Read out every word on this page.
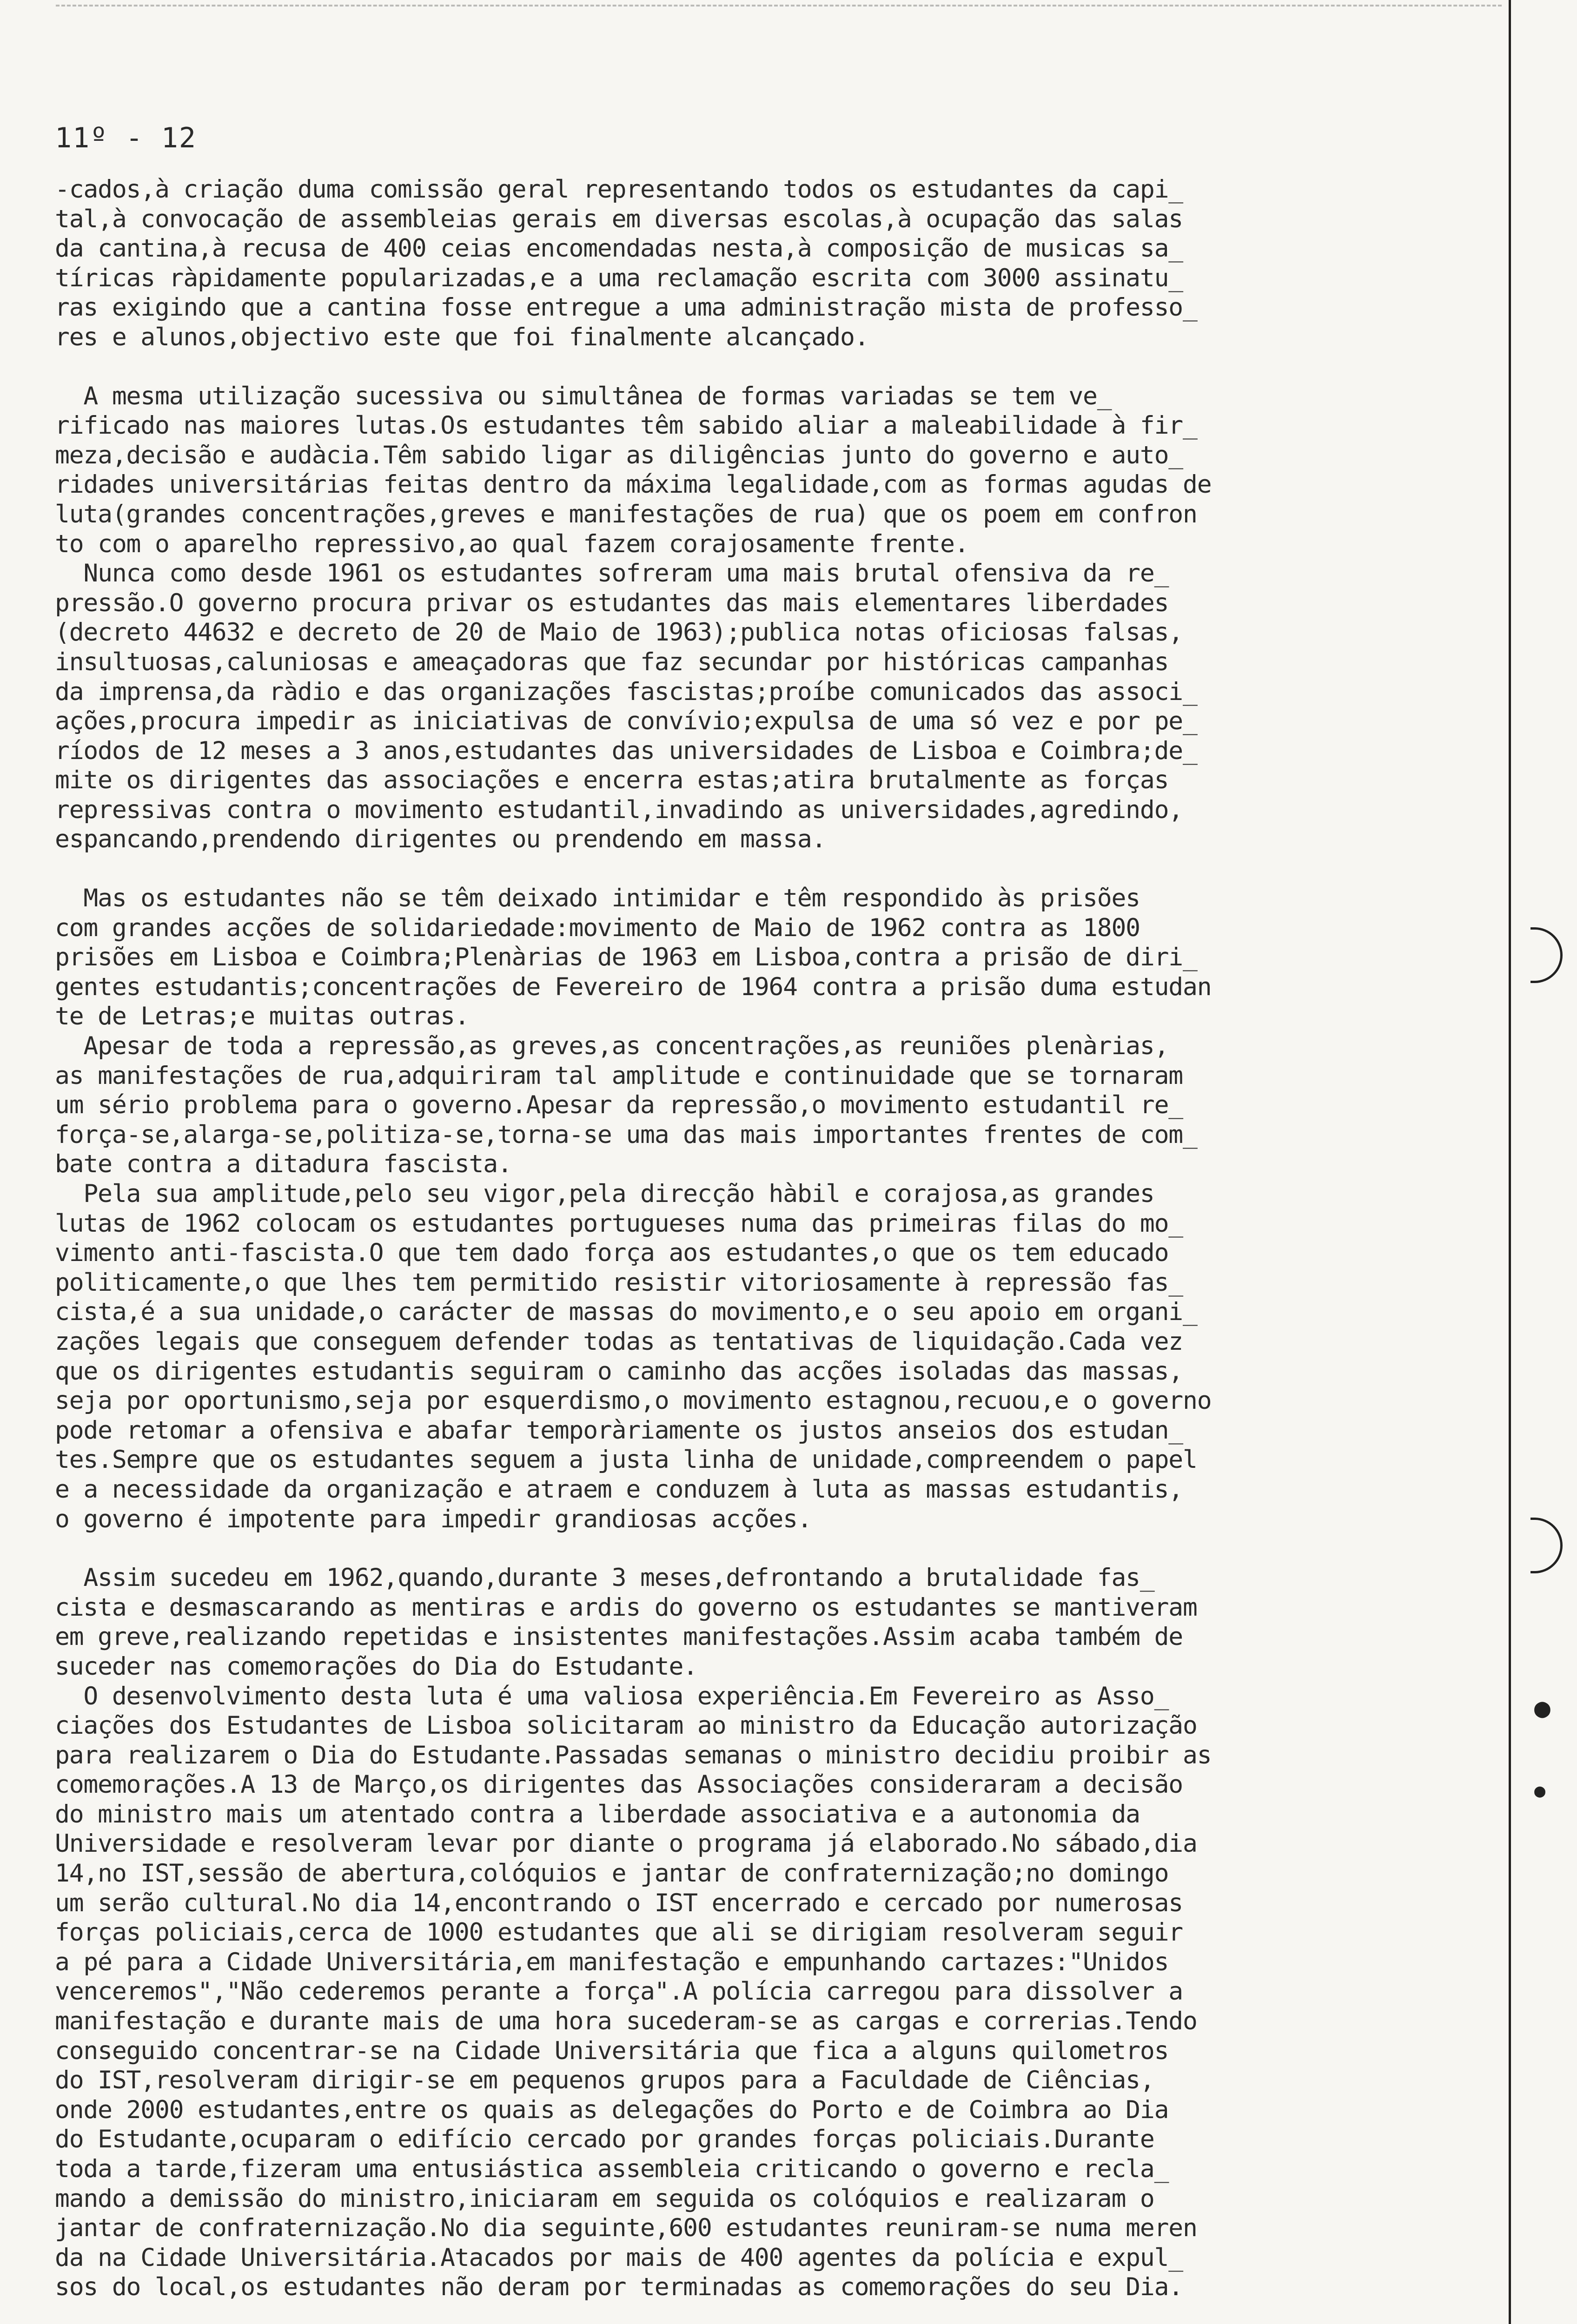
●
●
11º - 12
-cados,à criação duma comissão geral representando todos os estudantes da capi_
tal,à convocação de assembleias gerais em diversas escolas,à ocupação das salas
da cantina,à recusa de 400 ceias encomendadas nesta,à composição de musicas sa_
tíricas ràpidamente popularizadas,e a uma reclamação escrita com 3000 assinatu_
ras exigindo que a cantina fosse entregue a uma administração mista de professo_
res e alunos,objectivo este que foi finalmente alcançado.
A mesma utilização sucessiva ou simultânea de formas variadas se tem ve_
rificado nas maiores lutas.Os estudantes têm sabido aliar a maleabilidade à fir_
meza,decisão e audàcia.Têm sabido ligar as diligências junto do governo e auto_
ridades universitárias feitas dentro da máxima legalidade,com as formas agudas de
luta(grandes concentrações,greves e manifestações de rua) que os poem em confron
to com o aparelho repressivo,ao qual fazem corajosamente frente.
Nunca como desde 1961 os estudantes sofreram uma mais brutal ofensiva da re_
pressão.O governo procura privar os estudantes das mais elementares liberdades
(decreto 44632 e decreto de 20 de Maio de 1963);publica notas oficiosas falsas,
insultuosas,caluniosas e ameaçadoras que faz secundar por históricas campanhas
da imprensa,da ràdio e das organizações fascistas;proíbe comunicados das associ_
ações,procura impedir as iniciativas de convívio;expulsa de uma só vez e por pe_
ríodos de 12 meses a 3 anos,estudantes das universidades de Lisboa e Coimbra;de_
mite os dirigentes das associações e encerra estas;atira brutalmente as forças
repressivas contra o movimento estudantil,invadindo as universidades,agredindo,
espancando,prendendo dirigentes ou prendendo em massa.
Mas os estudantes não se têm deixado intimidar e têm respondido às prisões
com grandes acções de solidariedade:movimento de Maio de 1962 contra as 1800
prisões em Lisboa e Coimbra;Plenàrias de 1963 em Lisboa,contra a prisão de diri_
gentes estudantis;concentrações de Fevereiro de 1964 contra a prisão duma estudan
te de Letras;e muitas outras.
Apesar de toda a repressão,as greves,as concentrações,as reuniões plenàrias,
as manifestações de rua,adquiriram tal amplitude e continuidade que se tornaram
um sério problema para o governo.Apesar da repressão,o movimento estudantil re_
força-se,alarga-se,politiza-se,torna-se uma das mais importantes frentes de com_
bate contra a ditadura fascista.
Pela sua amplitude,pelo seu vigor,pela direcção hàbil e corajosa,as grandes
lutas de 1962 colocam os estudantes portugueses numa das primeiras filas do mo_
vimento anti-fascista.O que tem dado força aos estudantes,o que os tem educado
politicamente,o que lhes tem permitido resistir vitoriosamente à repressão fas_
cista,é a sua unidade,o carácter de massas do movimento,e o seu apoio em organi_
zações legais que conseguem defender todas as tentativas de liquidação.Cada vez
que os dirigentes estudantis seguiram o caminho das acções isoladas das massas,
seja por oportunismo,seja por esquerdismo,o movimento estagnou,recuou,e o governo
pode retomar a ofensiva e abafar temporàriamente os justos anseios dos estudan_
tes.Sempre que os estudantes seguem a justa linha de unidade,compreendem o papel
e a necessidade da organização e atraem e conduzem à luta as massas estudantis,
o governo é impotente para impedir grandiosas acções.
Assim sucedeu em 1962,quando,durante 3 meses,defrontando a brutalidade fas_
cista e desmascarando as mentiras e ardis do governo os estudantes se mantiveram
em greve,realizando repetidas e insistentes manifestações.Assim acaba também de
suceder nas comemorações do Dia do Estudante.
O desenvolvimento desta luta é uma valiosa experiência.Em Fevereiro as Asso_
ciações dos Estudantes de Lisboa solicitaram ao ministro da Educação autorização
para realizarem o Dia do Estudante.Passadas semanas o ministro decidiu proibir as
comemorações.A 13 de Março,os dirigentes das Associações consideraram a decisão
do ministro mais um atentado contra a liberdade associativa e a autonomia da
Universidade e resolveram levar por diante o programa já elaborado.No sábado,dia
14,no IST,sessão de abertura,colóquios e jantar de confraternização;no domingo
um serão cultural.No dia 14,encontrando o IST encerrado e cercado por numerosas
forças policiais,cerca de 1000 estudantes que ali se dirigiam resolveram seguir
a pé para a Cidade Universitária,em manifestação e empunhando cartazes:"Unidos
venceremos","Não cederemos perante a força".A polícia carregou para dissolver a
manifestação e durante mais de uma hora sucederam-se as cargas e correrias.Tendo
conseguido concentrar-se na Cidade Universitária que fica a alguns quilometros
do IST,resolveram dirigir-se em pequenos grupos para a Faculdade de Ciências,
onde 2000 estudantes,entre os quais as delegações do Porto e de Coimbra ao Dia
do Estudante,ocuparam o edifício cercado por grandes forças policiais.Durante
toda a tarde,fizeram uma entusiástica assembleia criticando o governo e recla_
mando a demissão do ministro,iniciaram em seguida os colóquios e realizaram o
jantar de confraternização.No dia seguinte,600 estudantes reuniram-se numa meren
da na Cidade Universitária.Atacados por mais de 400 agentes da polícia e expul_
sos do local,os estudantes não deram por terminadas as comemorações do seu Dia.
